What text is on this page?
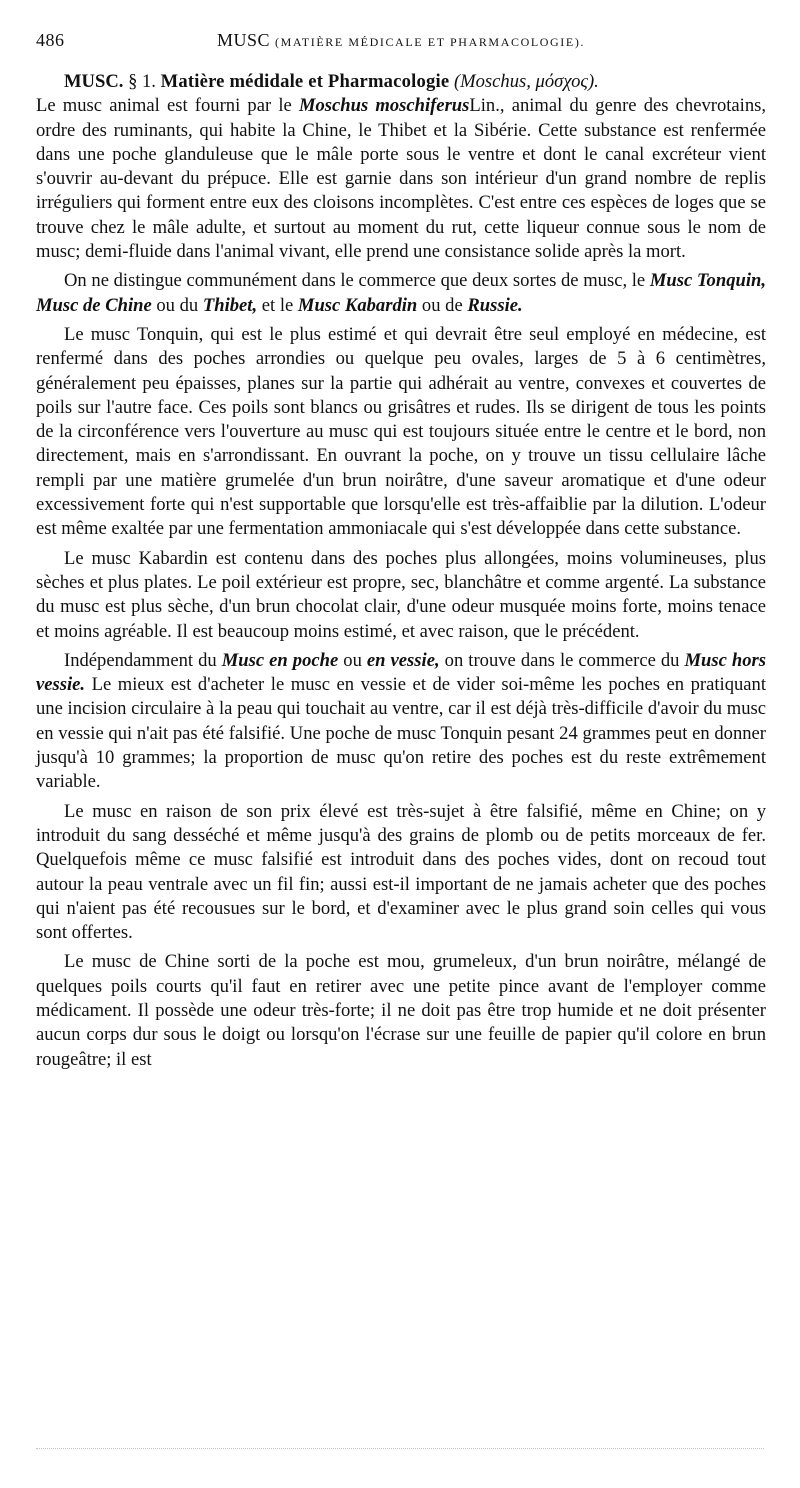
486	MUSC (MATIÈRE MÉDICALE ET PHARMACOLOGIE).
MUSC. § 1. Matière médidale et Pharmacologie (Moschus, μόσχος).

Le musc animal est fourni par le Moschus moschiferusLin., animal du genre des chevrotains, ordre des ruminants, qui habite la Chine, le Thibet et la Sibérie. Cette substance est renfermée dans une poche glanduleuse que le mâle porte sous le ventre et dont le canal excréteur vient s'ouvrir au-devant du prépuce. Elle est garnie dans son intérieur d'un grand nombre de replis irréguliers qui forment entre eux des cloisons incomplètes. C'est entre ces espèces de loges que se trouve chez le mâle adulte, et surtout au moment du rut, cette liqueur connue sous le nom de musc; demi-fluide dans l'animal vivant, elle prend une consistance solide après la mort.

On ne distingue communément dans le commerce que deux sortes de musc, le Musc Tonquin, Musc de Chine ou du Thibet, et le Musc Kabardin ou de Russie.

Le musc Tonquin, qui est le plus estimé et qui devrait être seul employé en médecine, est renfermé dans des poches arrondies ou quelque peu ovales, larges de 5 à 6 centimètres, généralement peu épaisses, planes sur la partie qui adhérait au ventre, convexes et couvertes de poils sur l'autre face. Ces poils sont blancs ou grisâtres et rudes. Ils se dirigent de tous les points de la circonférence vers l'ouverture au musc qui est toujours située entre le centre et le bord, non directement, mais en s'arrondissant. En ouvrant la poche, on y trouve un tissu cellulaire lâche rempli par une matière grumelée d'un brun noirâtre, d'une saveur aromatique et d'une odeur excessivement forte qui n'est supportable que lorsqu'elle est très-affaiblie par la dilution. L'odeur est même exaltée par une fermentation ammoniacale qui s'est développée dans cette substance.

Le musc Kabardin est contenu dans des poches plus allongées, moins volumineuses, plus sèches et plus plates. Le poil extérieur est propre, sec, blanchâtre et comme argenté. La substance du musc est plus sèche, d'un brun chocolat clair, d'une odeur musquée moins forte, moins tenace et moins agréable. Il est beaucoup moins estimé, et avec raison, que le précédent.

Indépendamment du Musc en poche ou en vessie, on trouve dans le commerce du Musc hors vessie. Le mieux est d'acheter le musc en vessie et de vider soi-même les poches en pratiquant une incision circulaire à la peau qui touchait au ventre, car il est déjà très-difficile d'avoir du musc en vessie qui n'ait pas été falsifié. Une poche de musc Tonquin pesant 24 grammes peut en donner jusqu'à 10 grammes; la proportion de musc qu'on retire des poches est du reste extrêmement variable.

Le musc en raison de son prix élevé est très-sujet à être falsifié, même en Chine; on y introduit du sang desséché et même jusqu'à des grains de plomb ou de petits morceaux de fer. Quelquefois même ce musc falsifié est introduit dans des poches vides, dont on recoud tout autour la peau ventrale avec un fil fin; aussi est-il important de ne jamais acheter que des poches qui n'aient pas été recousues sur le bord, et d'examiner avec le plus grand soin celles qui vous sont offertes.

Le musc de Chine sorti de la poche est mou, grumeleux, d'un brun noirâtre, mélangé de quelques poils courts qu'il faut en retirer avec une petite pince avant de l'employer comme médicament. Il possède une odeur très-forte; il ne doit pas être trop humide et ne doit présenter aucun corps dur sous le doigt ou lorsqu'on l'écrase sur une feuille de papier qu'il colore en brun rougeâtre; il est
